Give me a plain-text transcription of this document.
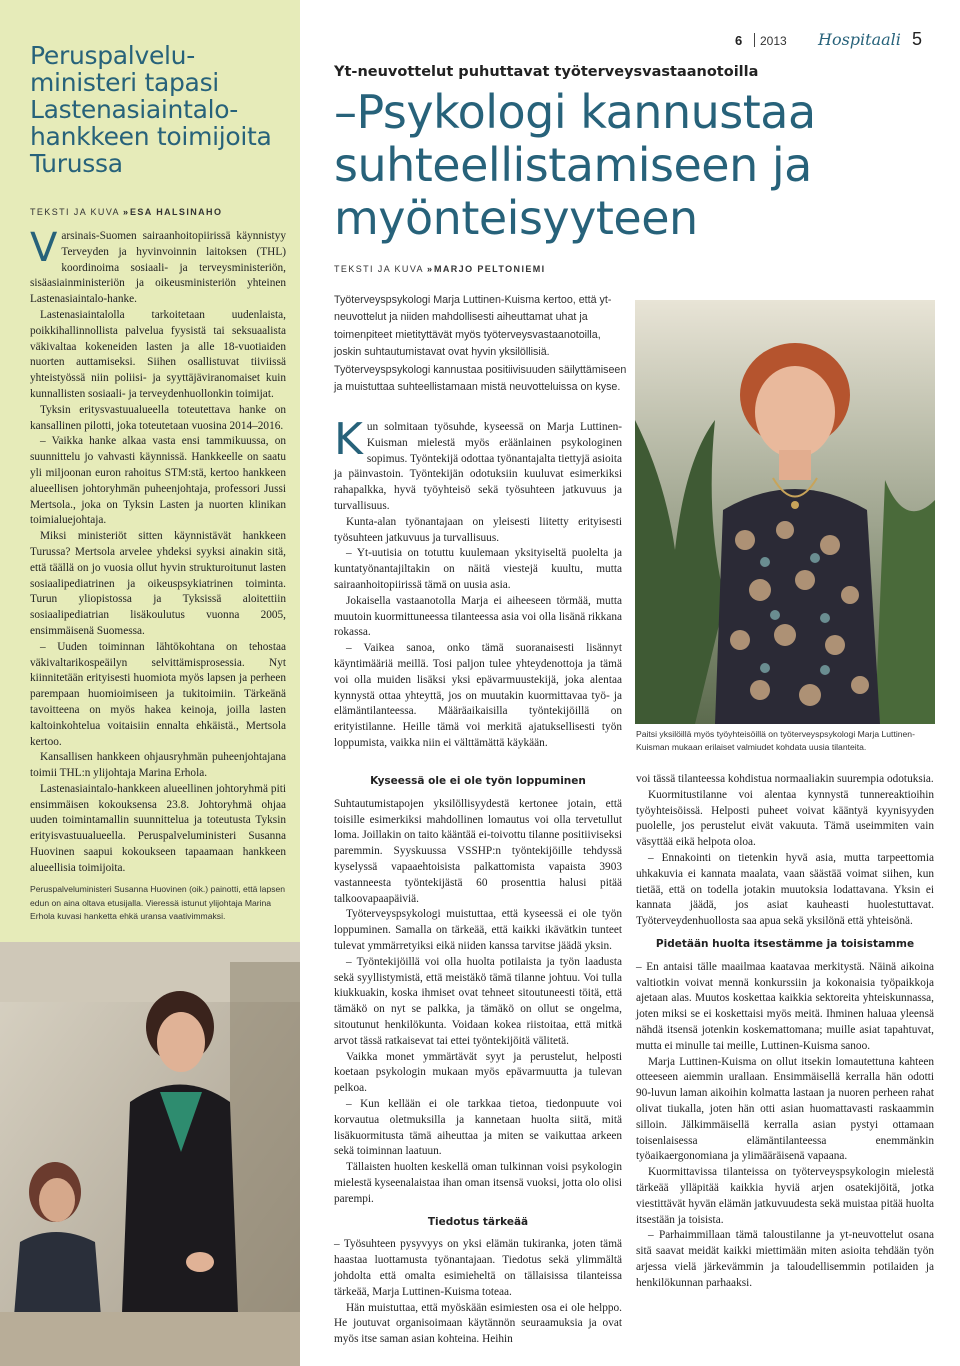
Peruspalveluministeri tapasi Lastenasiaintalohankkeen toimijoita Turussa
TEKSTI JA KUVA » ESA HALSINAHO

Varsinais-Suomen sairaanhoitopiirissä käynnistyy Terveyden ja hyvinvoinnin laitoksen (THL) koordinoima sosiaali- ja terveysministeriön, sisäasiainministeriön ja oikeusministeriön yhteinen Lastenasiaintalo-hanke.

Lastenasiaintalolla tarkoitetaan uudenlaista, poikkihallinnollista palvelua fyysistä tai seksuaalista väkivaltaa kokeneiden lasten ja alle 18-vuotiaiden nuorten auttamiseksi. Siihen osallistuvat tiiviissä yhteistyössä niin poliisi- ja syyttäjäviranomaiset kuin kunnallisten sosiaali- ja terveydenhuollonkin toimijat.

Tyksin eritysvastuualueella toteutettava hanke on kansallinen pilotti, joka toteutetaan vuosina 2014–2016.

– Vaikka hanke alkaa vasta ensi tammikuussa, on suunnittelu jo vahvasti käynnissä. Hankkeelle on saatu yli miljoonan euron rahoitus STM:stä, kertoo hankkeen alueellisen johtoryhmän puheenjohtaja, professori Jussi Mertsola., joka on Tyksin Lasten ja nuorten klinikan toimialuejohtaja.

Miksi ministeriöt sitten käynnistävät hankkeen Turussa? Mertsola arvelee yhdeksi syyksi ainakin sitä, että täällä on jo vuosia ollut hyvin strukturoitunut lasten sosiaalipediatrinen ja oikeuspsykiatrinen toiminta. Turun yliopistossa ja Tyksissä aloitettiin sosiaalipediatrian lisäkoulutus vuonna 2005, ensimmäisenä Suomessa.

– Uuden toiminnan lähtökohtana on tehostaa väkivaltarikospeäilyn selvittämisprosessia. Nyt kiinnitetään erityisesti huomiota myös lapsen ja perheen parempaan huomioimiseen ja tukitoimiin. Tärkeänä tavoitteena on myös hakea keinoja, joilla lasten kaltoinkohtelua voitaisiin ennalta ehkäistä., Mertsola kertoo.

Kansallisen hankkeen ohjausryhmän puheenjohtajana toimii THL:n ylijohtaja Marina Erhola.

Lastenasiaintalo-hankkeen alueellinen johtoryhmä piti ensimmäisen kokouksensa 23.8. Johtoryhmä ohjaa uuden toimintamallin suunnittelua ja toteutusta Tyksin erityisvastuualueella. Peruspalveluministeri Susanna Huovinen saapui kokoukseen tapaamaan hankkeen alueellisia toimijoita.

Peruspalveluministeri Susanna Huovinen (oik.) painotti, että lapsen edun on aina oltava etusijalla. Vieressä istunut ylijohtaja Marina Erhola kuvasi hanketta ehkä uransa vaativimmaksi.
6 2013 Hospitaali 5
Yt-neuvottelut puhuttavat työterveysvastaanotoilla
–Psykologi kannustaa suhteellistamiseen ja myönteisyyteen
TEKSTI JA KUVA » MARJO PELTONIEMI
Työterveyspsykologi Marja Luttinen-Kuisma kertoo, että yt-neuvottelut ja niiden mahdollisesti aiheuttamat uhat ja toimenpiteet mietityttävät myös työterveysvastaanotoilla, joskin suhtautumistavat ovat hyvin yksilöllisiä. Työterveyspsykologi kannustaa positiivisuuden säilyttämiseen ja muistuttaa suhteellistamaan mistä neuvotteluissa on kyse.
Paitsi yksilöillä myös työyhteisöillä on työterveyspsykologi Marja Luttinen-Kuisman mukaan erilaiset valmiudet kohdata uusia tilanteita.

Kun solmitaan työsuhde, kyseessä on Marja Luttinen-Kuisman mielestä myös eräänlainen psykologinen sopimus. Työntekijä odottaa työnantajalta tiettyjä asioita ja päinvastoin. Työntekijän odotuksiin kuuluvat esimerkiksi rahapalkka, hyvä työyhteisö sekä työsuhteen jatkuvuus ja turvallisuus.

Kunta-alan työnantajaan on yleisesti liitetty erityisesti työsuhteen jatkuvuus ja turvallisuus.

– Yt-uutisia on totuttu kuulemaan yksityiseltä puolelta ja kuntatyönantajiltakin on näitä viestejä kuultu, mutta sairaanhoitopiirissä tämä on uusia asia.

Jokaisella vastaanotolla Marja ei aiheeseen törmää, mutta muutoin kuormittuneessa tilanteessa asia voi olla lisänä rikkana rokassa.

– Vaikea sanoa, onko tämä suoranaisesti lisännyt käyntimääriä meillä. Tosi paljon tulee yhteydenottoja ja tämä voi olla muiden lisäksi yksi epävarmuustekijä, joka alentaa kynnystä ottaa yhteyttä, jos on muutakin kuormittavaa työ- ja elämäntilanteessa. Määräaikaisilla työntekijöillä on erityistilanne. Heille tämä voi merkitä ajatuksellisesti työn loppumista, vaikka niin ei välttämättä käykään.

Kyseessä ole ei ole työn loppuminen

Suhtautumistapojen yksilöllisyydestä kertonee jotain, että toisille esimerkiksi mahdollinen lomautus voi olla tervetullut loma. Joillakin on taito kääntää ei-toivottu tilanne positiiviseksi paremmin. Syyskuussa VSSHP:n työntekijöille tehdyssä kyselyssä vapaaehtoisista palkattomista vapaista 3903 vastanneesta työntekijästä 60 prosenttia halusi pitää talkoovapaapäiviä.

Työterveyspsykologi muistuttaa, että kyseessä ei ole työn loppuminen. Samalla on tärkeää, että kaikki ikävätkin tunteet tulevat ymmärretyiksi eikä niiden kanssa tarvitse jäädä yksin.

– Työntekijöillä voi olla huolta potilaista ja työn laadusta sekä syyllistymistä, että meistäkö tämä tilanne johtuu. Voi tulla kiukkuakin, koska ihmiset ovat tehneet sitoutuneesti töitä, että tämäkö on nyt se palkka, ja tämäkö on ollut se ongelma, sitoutunut henkilökunta. Voidaan kokea riistoitaa, että mitkä arvot tässä ratkaisevat tai ettei työntekijöitä välitetä.

Vaikka monet ymmärtävät syyt ja perustelut, helposti koetaan psykologin mukaan myös epävarmuutta ja tulevan pelkoa.

– Kun kellään ei ole tarkkaa tietoa, tiedonpuute voi korvautua oletmuksilla ja kannetaan huolta siitä, mitä lisäkuormitusta tämä aiheuttaa ja miten se vaikuttaa arkeen sekä toiminnan laatuun.

Tällaisten huolten keskellä oman tulkinnan voisi psykologin mielestä kyseenalaistaa ihan oman itsensä vuoksi, jotta olo olisi parempi.

Tiedotus tärkeää

– Työsuhteen pysyvyys on yksi elämän tukiranka, joten tämä haastaa luottamusta työnantajaan. Tiedotus sekä ylimmältä johdolta että omalta esimieheltä on tällaisissa tilanteissa tärkeää, Marja Luttinen-Kuisma toteaa.

Hän muistuttaa, että myöskään esimiesten osa ei ole helppo. He joutuvat organisoimaan käytännön seuraamuksia ja ovat myös itse saman asian kohteina. Heihin

voi tässä tilanteessa kohdistua normaaliakin suurempia odotuksia.

Kuormitustilanne voi alentaa kynnystä tunnereaktioihin työyhteisöissä. Helposti puheet voivat kääntyä kyynisyyden puolelle, jos perustelut eivät vakuuta. Tämä useimmiten vain väsyttää eikä helpota oloa.

– Ennakointi on tietenkin hyvä asia, mutta tarpeettomia uhkakuvia ei kannata maalata, vaan säästää voimat siihen, kun tietää, että on todella jotakin muutoksia lodattavana. Yksin ei kannata jäädä, jos asiat kauheasti huolestuttavat. Työterveydenhuollosta saa apua sekä yksilönä että yhteisönä.

Pidetään huolta itsestämme ja toisistamme

– En antaisi tälle maailmaa kaatavaa merkitystä. Näinä aikoina valtiotkin voivat mennä konkurssiin ja kokonaisia työpaikkoja ajetaan alas. Muutos koskettaa kaikkia sektoreita yhteiskunnassa, joten miksi se ei koskettaisi myös meitä. Ihminen haluaa yleensä nähdä itsensä jotenkin koskemattomana; muille asiat tapahtuvat, mutta ei minulle tai meille, Luttinen-Kuisma sanoo.

Marja Luttinen-Kuisma on ollut itsekin lomautettuna kahteen otteeseen aiemmin urallaan. Ensimmäisellä kerralla hän odotti 90-luvun laman aikoihin kolmatta lastaan ja nuoren perheen rahat olivat tiukalla, joten hän otti asian huomattavasti raskaammin silloin. Jälkimmäisellä kerralla asian pystyi ottamaan toisenlaisessa elämäntilanteessa enemmänkin työaikaergonomiana ja ylimääräisenä vapaana.

Kuormittavissa tilanteissa on työterveyspsykologin mielestä tärkeää ylläpitää kaikkia hyviä arjen osatekijöitä, jotka viestittävät hyvän elämän jatkuvuudesta sekä muistaa pitää huolta itsestään ja toisista.

– Parhaimmillaan tämä taloustilanne ja yt-neuvottelut osana sitä saavat meidät kaikki miettimään miten asioita tehdään työn arjessa vielä järkevämmin ja taloudellisemmin potilaiden ja henkilökunnan parhaaksi.
